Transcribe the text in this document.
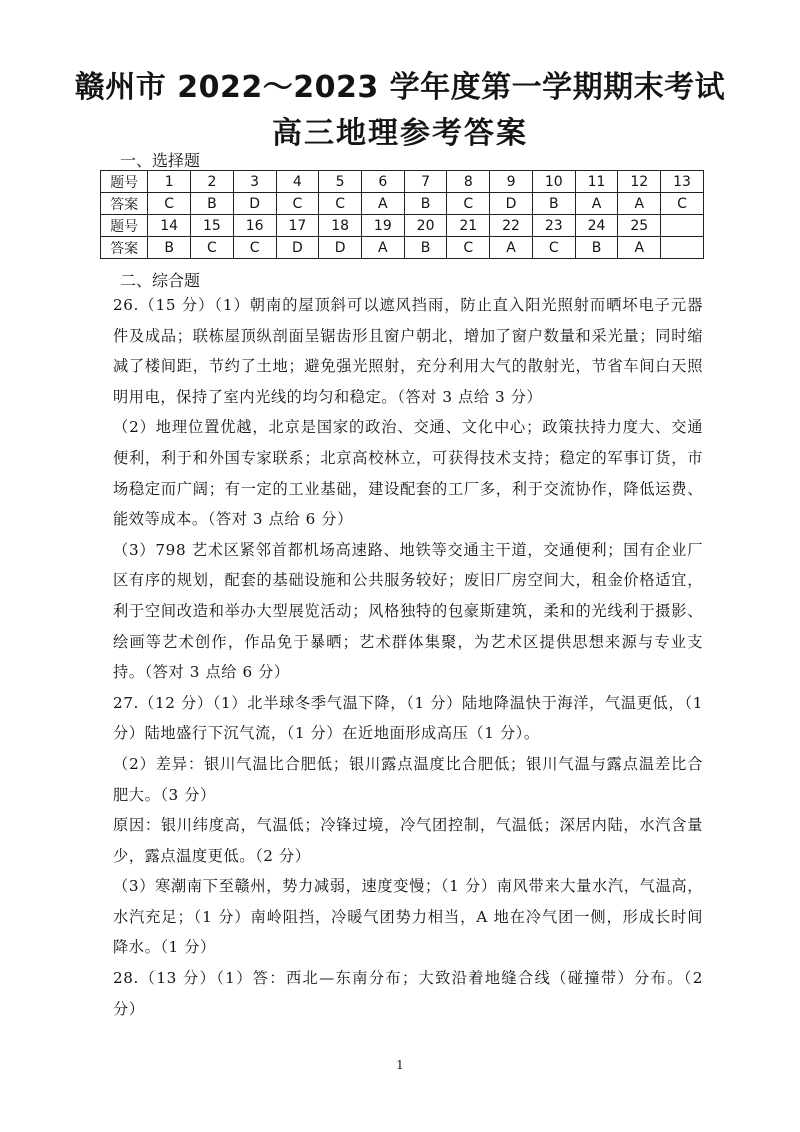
赣州市 2022～2023 学年度第一学期期末考试
高三地理参考答案
一、选择题
题号	1	2	3	4	5	6	7	8	9	10	11	12	13
答案	C	B	D	C	C	A	B	C	D	B	A	A	C
题号	14	15	16	17	18	19	20	21	22	23	24	25	
答案	B	C	C	D	D	A	B	C	A	C	B	A	
二、综合题

26.（15 分）（1）朝南的屋顶斜可以遮风挡雨，防止直入阳光照射而晒坏电子元器件及成品；联栋屋顶纵剖面呈锯齿形且窗户朝北，增加了窗户数量和采光量；同时缩减了楼间距，节约了土地；避免强光照射，充分利用大气的散射光，节省车间白天照明用电，保持了室内光线的均匀和稳定。（答对 3 点给 3 分）

（2）地理位置优越，北京是国家的政治、交通、文化中心；政策扶持力度大、交通便利，利于和外国专家联系；北京高校林立，可获得技术支持；稳定的军事订货，市场稳定而广阔；有一定的工业基础，建设配套的工厂多，利于交流协作，降低运费、能效等成本。（答对 3 点给 6 分）

（3）798 艺术区紧邻首都机场高速路、地铁等交通主干道，交通便利；国有企业厂区有序的规划，配套的基础设施和公共服务较好；废旧厂房空间大，租金价格适宜，利于空间改造和举办大型展览活动；风格独特的包豪斯建筑，柔和的光线利于摄影、绘画等艺术创作，作品免于暴晒；艺术群体集聚，为艺术区提供思想来源与专业支持。（答对 3 点给 6 分）

27.（12 分）（1）北半球冬季气温下降，（1 分）陆地降温快于海洋，气温更低，（1 分）陆地盛行下沉气流，（1 分）在近地面形成高压（1 分）。

（2）差异：银川气温比合肥低；银川露点温度比合肥低；银川气温与露点温差比合肥大。（3 分）

原因：银川纬度高，气温低；冷锋过境，冷气团控制，气温低；深居内陆，水汽含量少，露点温度更低。（2 分）

（3）寒潮南下至赣州，势力减弱，速度变慢；（1 分）南风带来大量水汽，气温高，水汽充足；（1 分）南岭阻挡，冷暖气团势力相当，A 地在冷气团一侧，形成长时间降水。（1 分）

28.（13 分）（1）答：西北—东南分布；大致沿着地缝合线（碰撞带）分布。（2 分）

1
